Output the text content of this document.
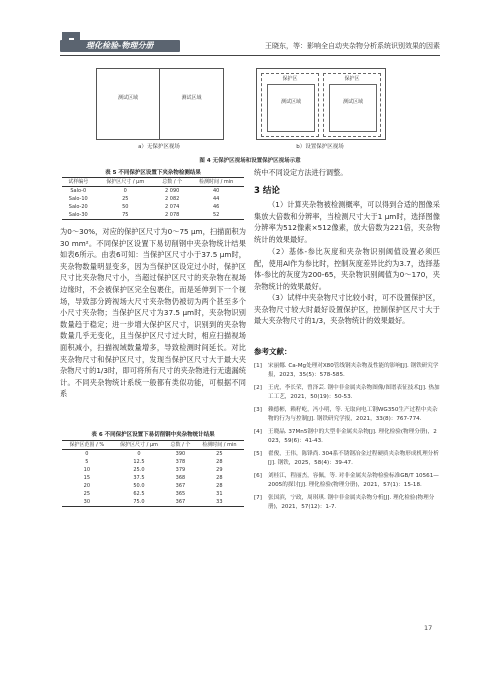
理化检验-物理分册	王晓东，等：影响全自动夹杂物分析系统识别效果的因素
测试区域	测试区域
a）无保护区视场
保护区
测试区域
保护区
测试区域
b）设置保护区视场
图 4 无保护区视场和设置保护区视场示意
表 5 不同保护区设置下夹杂物检测结果
试样编号	保护区尺寸 / μm	总数 / 个	检测时间 / min
Salo-0	0	2 090	40
Salo-10	25	2 082	44
Salo-20	50	2 074	46
Salo-30	75	2 078	52
为0～30%，对应的保护区尺寸为0～75 μm，扫描面积为30 mm²。不同保护区设置下易切削钢中夹杂物统计结果如表6所示。由表6可知：当保护区尺寸小于37.5 μm时，夹杂物数量明显变多，因为当保护区设定过小时，保护区尺寸比夹杂物尺寸小，当超过保护区尺寸的夹杂物在视场边缘时，不会被保护区完全包裹住，而是延伸到下一个视场，导致部分跨视场大尺寸夹杂物仍被切为两个甚至多个小尺寸夹杂物；当保护区尺寸为37.5 μm时，夹杂物识别数量趋于稳定；进一步增大保护区尺寸，识别到的夹杂物数量几乎无变化，且当保护区尺寸过大时，相应扫描视场面积减小，扫描视域数量增多，导致检测时间延长。对比夹杂物尺寸和保护区尺寸，发现当保护区尺寸大于最大夹杂物尺寸的1/3时，即可将所有尺寸的夹杂物进行无遗漏统计。不同夹杂物统计系统一般都有类似功能，可根据不同系
表 6 不同保护区设置下易切削钢中夹杂物统计结果
保护区范围 / %	保护区尺寸 / μm	总数 / 个	检测时间 / min
0	0	390	25
5	12.5	378	28
10	25.0	379	29
15	37.5	368	28
20	50.0	367	28
25	62.5	365	31
30	75.0	367	33
统中不同设定方法进行调整。
3 结论
（1）计算夹杂物被检测概率，可以得到合适的图像采集放大倍数和分辨率，当检测尺寸大于1 μm时，选择图像分辨率为512像素×512像素，放大倍数为221倍，夹杂物统计的效果最好。
（2）基体-参比灰度和夹杂物识别阈值设置必须匹配，使用Al作为参比时，控制灰度差异比约为3.7，选择基体-参比的灰度为200-65，夹杂物识别阈值为0～170，夹杂物统计的效果最好。
（3）试样中夹杂物尺寸比较小时，可不设置保护区，夹杂物尺寸较大时最好设置保护区，控制保护区尺寸大于最大夹杂物尺寸的1/3，夹杂物统计的效果最好。
参考文献：
[1]	宋丽娜. Ca-Mg处理对X80管线钢夹杂物及性能的影响[J]. 钢铁研究学报，2023，35(5)：578-585.
[2]	王虎，李长荣，曾泽芸. 钢中非金属夹杂物图像/图谱表征技术[J]. 热加工工艺，2021，50(19)：50-53.
[3]	赖德彬，赖籽屹，冯小明，等. 无取向电工钢WG350生产过程中夹杂物的行为与控制[J]. 钢铁研究学报，2021，33(8)：767-774.
[4]	王晓晶. 37Mn5钢中的大型非金属夹杂物[J]. 理化检验(物理分册)，2023，59(6)：41-43.
[5]	翟俊，王伟，陈锋尚. 304系不锈钢冶金过程硬质夹杂物形成机理分析[J]. 钢铁，2025，58(4)：39-47.
[6]	刘桂江，程丽杰，容佩，等. 对非金属夹杂物检验标准GB/T 10561—2005的探讨[J]. 理化检验(物理分册)，2021，57(1)：15-18.
[7]	张国滨，宁政，周琪琪. 钢中非金属夹杂物分析[J]. 理化检验(物理分册)，2021，57(12)：1-7.
17
